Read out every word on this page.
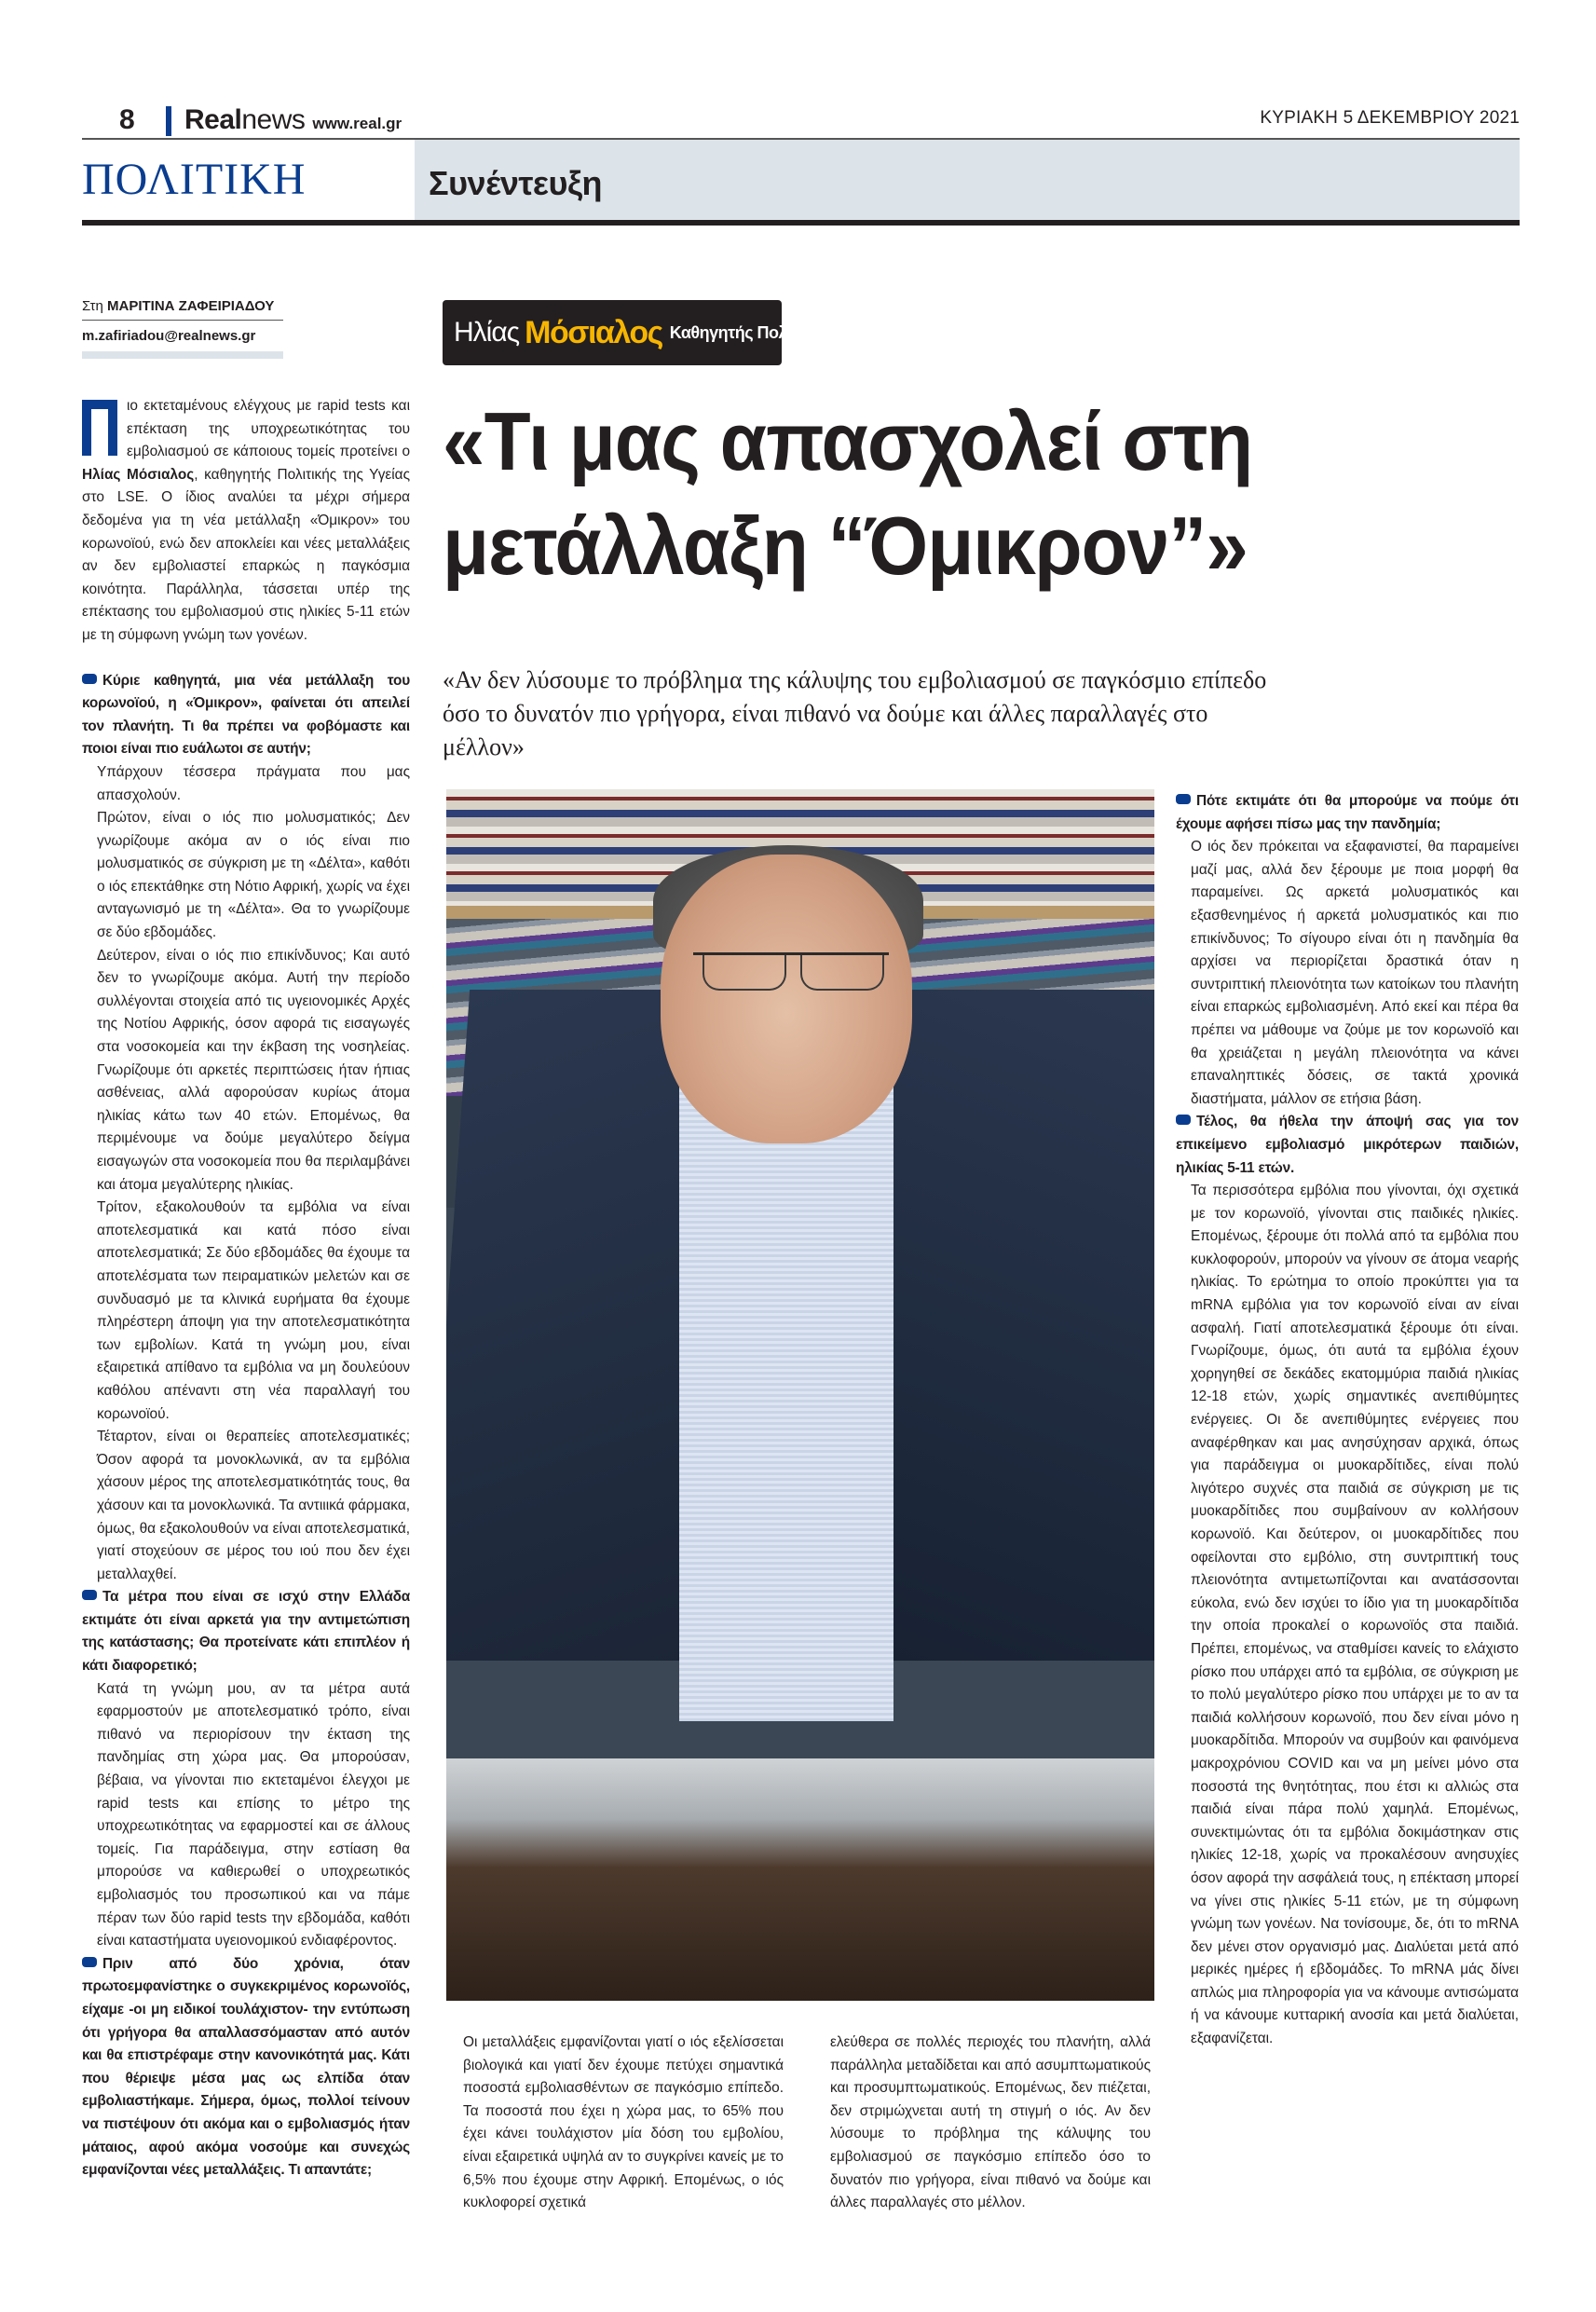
8 Realnews www.real.gr	ΚΥΡΙΑΚΗ 5 ΔΕΚΕΜΒΡΙΟΥ 2021
ΠΟΛΙΤΙΚΗ	Συνέντευξη
Στη ΜΑΡΙΤΙΝΑ ΖΑΦΕΙΡΙΑΔΟΥ
m.zafiriadou@realnews.gr

ιο εκτεταμένους ελέγχους με rapid tests και επέκταση της υποχρεωτικότητας του εμβολιασμού σε κάποιους τομείς προτείνει ο Ηλίας Μόσιαλος, καθηγητής Πολιτικής της Υγείας στο LSE. Ο ίδιος αναλύει τα μέχρι σήμερα δεδομένα για τη νέα μετάλλαξη «Όμικρον» του κορωνοϊού, ενώ δεν αποκλείει και νέες μεταλλάξεις αν δεν εμβολιαστεί επαρκώς η παγκόσμια κοινότητα. Παράλληλα, τάσσεται υπέρ της επέκτασης του εμβολιασμού στις ηλικίες 5-11 ετών με τη σύμφωνη γνώμη των γονέων.

Κύριε καθηγητά, μια νέα μετάλλαξη του κορωνοϊού, η «Όμικρον», φαίνεται ότι απειλεί τον πλανήτη. Τι θα πρέπει να φοβόμαστε και ποιοι είναι πιο ευάλωτοι σε αυτήν;

Υπάρχουν τέσσερα πράγματα που μας απασχολούν.

Πρώτον, είναι ο ιός πιο μολυσματικός; Δεν γνωρίζουμε ακόμα αν ο ιός είναι πιο μολυσματικός σε σύγκριση με τη «Δέλτα», καθότι ο ιός επεκτάθηκε στη Νότιο Αφρική, χωρίς να έχει ανταγωνισμό με τη «Δέλτα». Θα το γνωρίζουμε σε δύο εβδομάδες.

Δεύτερον, είναι ο ιός πιο επικίνδυνος; Και αυτό δεν το γνωρίζουμε ακόμα. Αυτή την περίοδο συλλέγονται στοιχεία από τις υγειονομικές Αρχές της Νοτίου Αφρικής, όσον αφορά τις εισαγωγές στα νοσοκομεία και την έκβαση της νοσηλείας. Γνωρίζουμε ότι αρκετές περιπτώσεις ήταν ήπιας ασθένειας, αλλά αφορούσαν κυρίως άτομα ηλικίας κάτω των 40 ετών. Επομένως, θα περιμένουμε να δούμε μεγαλύτερο δείγμα εισαγωγών στα νοσοκομεία που θα περιλαμβάνει και άτομα μεγαλύτερης ηλικίας.

Τρίτον, εξακολουθούν τα εμβόλια να είναι αποτελεσματικά και κατά πόσο είναι αποτελεσματικά; Σε δύο εβδομάδες θα έχουμε τα αποτελέσματα των πειραματικών μελετών και σε συνδυασμό με τα κλινικά ευρήματα θα έχουμε πληρέστερη άποψη για την αποτελεσματικότητα των εμβολίων. Κατά τη γνώμη μου, είναι εξαιρετικά απίθανο τα εμβόλια να μη δουλεύουν καθόλου απέναντι στη νέα παραλλαγή του κορωνοϊού.

Τέταρτον, είναι οι θεραπείες αποτελεσματικές; Όσον αφορά τα μονοκλωνικά, αν τα εμβόλια χάσουν μέρος της αποτελεσματικότητάς τους, θα χάσουν και τα μονοκλωνικά. Τα αντιιικά φάρμακα, όμως, θα εξακολουθούν να είναι αποτελεσματικά, γιατί στοχεύουν σε μέρος του ιού που δεν έχει μεταλλαχθεί.

Τα μέτρα που είναι σε ισχύ στην Ελλάδα εκτιμάτε ότι είναι αρκετά για την αντιμετώπιση της κατάστασης; Θα προτείνατε κάτι επιπλέον ή κάτι διαφορετικό;

Κατά τη γνώμη μου, αν τα μέτρα αυτά εφαρμοστούν με αποτελεσματικό τρόπο, είναι πιθανό να περιορίσουν την έκταση της πανδημίας στη χώρα μας. Θα μπορούσαν, βέβαια, να γίνονται πιο εκτεταμένοι έλεγχοι με rapid tests και επίσης το μέτρο της υποχρεωτικότητας να εφαρμοστεί και σε άλλους τομείς. Για παράδειγμα, στην εστίαση θα μπορούσε να καθιερωθεί ο υποχρεωτικός εμβολιασμός του προσωπικού και να πάμε πέραν των δύο rapid tests την εβδομάδα, καθότι είναι καταστήματα υγειονομικού ενδιαφέροντος.

Πριν από δύο χρόνια, όταν πρωτοεμφανίστηκε ο συγκεκριμένος κορωνοϊός, είχαμε -οι μη ειδικοί τουλάχιστον- την εντύπωση ότι γρήγορα θα απαλλασσόμασταν από αυτόν και θα επιστρέφαμε στην κανονικότητά μας. Κάτι που θέριεψε μέσα μας ως ελπίδα όταν εμβολιαστήκαμε. Σήμερα, όμως, πολλοί τείνουν να πιστέψουν ότι ακόμα και ο εμβολιασμός ήταν μάταιος, αφού ακόμα νοσούμε και συνεχώς εμφανίζονται νέες μεταλλάξεις. Τι απαντάτε;

Ηλίας Μόσιαλος Καθηγητής Πολιτικής της Υγείας στο LSE
«Τι μας απασχολεί στη
μετάλλαξη “Όμικρον”»
«Αν δεν λύσουμε το πρόβλημα της κάλυψης του εμβολιασμού σε παγκόσμιο επίπεδο όσο το δυνατόν πιο γρήγορα, είναι πιθανό να δούμε και άλλες παραλλαγές στο μέλλον»
Οι μεταλλάξεις εμφανίζονται γιατί ο ιός εξελίσσεται βιολογικά και γιατί δεν έχουμε πετύχει σημαντικά ποσοστά εμβολιασθέντων σε παγκόσμιο επίπεδο. Τα ποσοστά που έχει η χώρα μας, το 65% που έχει κάνει τουλάχιστον μία δόση του εμβολίου, είναι εξαιρετικά υψηλά αν το συγκρίνει κανείς με το 6,5% που έχουμε στην Αφρική. Επομένως, ο ιός κυκλοφορεί σχετικά
ελεύθερα σε πολλές περιοχές του πλανήτη, αλλά παράλληλα μεταδίδεται και από ασυμπτωματικούς και προσυμπτωματικούς. Επομένως, δεν πιέζεται, δεν στριμώχνεται αυτή τη στιγμή ο ιός. Αν δεν λύσουμε το πρόβλημα της κάλυψης του εμβολιασμού σε παγκόσμιο επίπεδο όσο το δυνατόν πιο γρήγορα, είναι πιθανό να δούμε και άλλες παραλλαγές στο μέλλον.

Πότε εκτιμάτε ότι θα μπορούμε να πούμε ότι έχουμε αφήσει πίσω μας την πανδημία;

Ο ιός δεν πρόκειται να εξαφανιστεί, θα παραμείνει μαζί μας, αλλά δεν ξέρουμε με ποια μορφή θα παραμείνει. Ως αρκετά μολυσματικός και εξασθενημένος ή αρκετά μολυσματικός και πιο επικίνδυνος; Το σίγουρο είναι ότι η πανδημία θα αρχίσει να περιορίζεται δραστικά όταν η συντριπτική πλειονότητα των κατοίκων του πλανήτη είναι επαρκώς εμβολιασμένη. Από εκεί και πέρα θα πρέπει να μάθουμε να ζούμε με τον κορωνοϊό και θα χρειάζεται η μεγάλη πλειονότητα να κάνει επαναληπτικές δόσεις, σε τακτά χρονικά διαστήματα, μάλλον σε ετήσια βάση.

Τέλος, θα ήθελα την άποψή σας για τον επικείμενο εμβολιασμό μικρότερων παιδιών, ηλικίας 5-11 ετών.

Τα περισσότερα εμβόλια που γίνονται, όχι σχετικά με τον κορωνοϊό, γίνονται στις παιδικές ηλικίες. Επομένως, ξέρουμε ότι πολλά από τα εμβόλια που κυκλοφορούν, μπορούν να γίνουν σε άτομα νεαρής ηλικίας. Το ερώτημα το οποίο προκύπτει για τα mRNA εμβόλια για τον κορωνοϊό είναι αν είναι ασφαλή. Γιατί αποτελεσματικά ξέρουμε ότι είναι. Γνωρίζουμε, όμως, ότι αυτά τα εμβόλια έχουν χορηγηθεί σε δεκάδες εκατομμύρια παιδιά ηλικίας 12-18 ετών, χωρίς σημαντικές ανεπιθύμητες ενέργειες. Οι δε ανεπιθύμητες ενέργειες που αναφέρθηκαν και μας ανησύχησαν αρχικά, όπως για παράδειγμα οι μυοκαρδίτιδες, είναι πολύ λιγότερο συχνές στα παιδιά σε σύγκριση με τις μυοκαρδίτιδες που συμβαίνουν αν κολλήσουν κορωνοϊό. Και δεύτερον, οι μυοκαρδίτιδες που οφείλονται στο εμβόλιο, στη συντριπτική τους πλειονότητα αντιμετωπίζονται και ανατάσσονται εύκολα, ενώ δεν ισχύει το ίδιο για τη μυοκαρδίτιδα την οποία προκαλεί ο κορωνοϊός στα παιδιά. Πρέπει, επομένως, να σταθμίσει κανείς το ελάχιστο ρίσκο που υπάρχει από τα εμβόλια, σε σύγκριση με το πολύ μεγαλύτερο ρίσκο που υπάρχει με το αν τα παιδιά κολλήσουν κορωνοϊό, που δεν είναι μόνο η μυοκαρδίτιδα. Μπορούν να συμβούν και φαινόμενα μακροχρόνιου COVID και να μη μείνει μόνο στα ποσοστά της θνητότητας, που έτσι κι αλλιώς στα παιδιά είναι πάρα πολύ χαμηλά. Επομένως, συνεκτιμώντας ότι τα εμβόλια δοκιμάστηκαν στις ηλικίες 12-18, χωρίς να προκαλέσουν ανησυχίες όσον αφορά την ασφάλειά τους, η επέκταση μπορεί να γίνει στις ηλικίες 5-11 ετών, με τη σύμφωνη γνώμη των γονέων. Να τονίσουμε, δε, ότι το mRNA δεν μένει στον οργανισμό μας. Διαλύεται μετά από μερικές ημέρες ή εβδομάδες. Το mRNA μάς δίνει απλώς μια πληροφορία για να κάνουμε αντισώματα ή να κάνουμε κυτταρική ανοσία και μετά διαλύεται, εξαφανίζεται.
